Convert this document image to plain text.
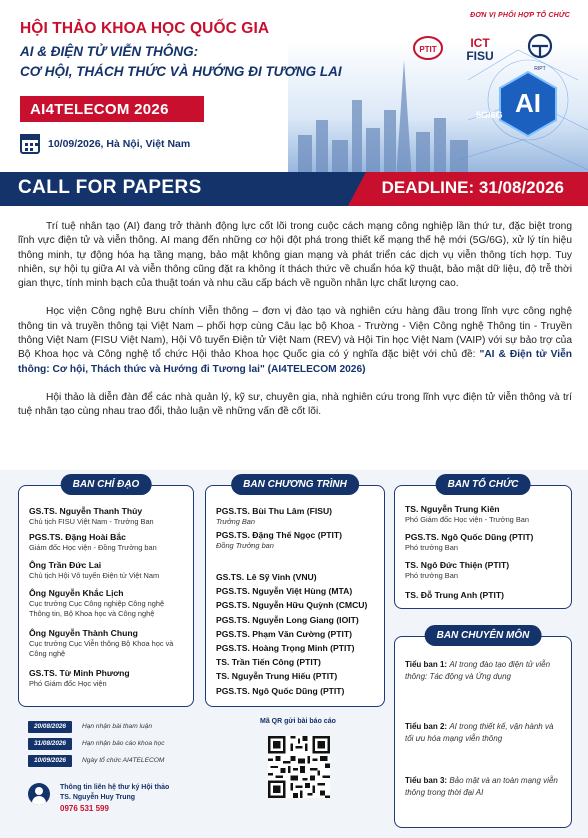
AI
5G/6G
HỘI THẢO KHOA HỌC QUỐC GIA
AI & ĐIỆN TỬ VIỄN THÔNG:
CƠ HỘI, THÁCH THỨC VÀ HƯỚNG ĐI TƯƠNG LAI
AI4TELECOM 2026
10/09/2026, Hà Nội, Việt Nam
ĐƠN VỊ PHỐI HỢP TỔ CHỨC
PTIT	ICT
FISU
RIPT
CALL FOR PAPERS	DEADLINE: 31/08/2026

Trí tuệ nhân tạo (AI) đang trở thành động lực cốt lõi trong cuộc cách mạng công nghiệp lần thứ tư, đặc biệt trong lĩnh vực điện tử và viễn thông. AI mang đến những cơ hội đột phá trong thiết kế mạng thế hệ mới (5G/6G), xử lý tín hiệu thông minh, tự động hóa hạ tầng mạng, bảo mật không gian mạng và phát triển các dịch vụ viễn thông tích hợp. Tuy nhiên, sự hội tụ giữa AI và viễn thông cũng đặt ra không ít thách thức về chuẩn hóa kỹ thuật, bảo mật dữ liệu, độ trễ thời gian thực, tính minh bạch của thuật toán và nhu cầu cấp bách về nguồn nhân lực chất lượng cao.

Học viện Công nghệ Bưu chính Viễn thông – đơn vị đào tạo và nghiên cứu hàng đầu trong lĩnh vực công nghệ thông tin và truyền thông tại Việt Nam – phối hợp cùng Câu lạc bộ Khoa - Trường - Viện Công nghệ Thông tin - Truyền thông Việt Nam (FISU Việt Nam), Hội Vô tuyến Điện tử Việt Nam (REV) và Hội Tin học Việt Nam (VAIP) với sự bảo trợ của Bộ Khoa học và Công nghệ tổ chức Hội thảo Khoa học Quốc gia có ý nghĩa đặc biệt với chủ đề: "AI & Điện tử Viễn thông: Cơ hội, Thách thức và Hướng đi Tương lai" (AI4TELECOM 2026)

Hội thảo là diễn đàn để các nhà quản lý, kỹ sư, chuyên gia, nhà nghiên cứu trong lĩnh vực điện tử viễn thông và trí tuệ nhân tạo cùng nhau trao đổi, thảo luận về những vấn đề cốt lõi.

BAN CHỈ ĐẠO
GS.TS. Nguyễn Thanh Thủy
Chủ tịch FISU Việt Nam - Trưởng Ban
PGS.TS. Đặng Hoài Bắc
Giám đốc Học viện - Đồng Trưởng ban
Ông Trần Đức Lai
Chủ tịch Hội Vô tuyến Điện tử Việt Nam
Ông Nguyễn Khắc Lịch
Cục trưởng Cục Công nghiệp Công nghệ Thông tin, Bộ Khoa học và Công nghệ
Ông Nguyễn Thành Chung
Cục trưởng Cục Viễn thông Bộ Khoa học và Công nghệ
GS.TS. Từ Minh Phương
Phó Giám đốc Học viện
BAN CHƯƠNG TRÌNH
PGS.TS. Bùi Thu Lâm (FISU)
Trưởng Ban
PGS.TS. Đặng Thế Ngọc (PTIT)
Đồng Trưởng ban
GS.TS. Lê Sỹ Vinh (VNU)
PGS.TS. Nguyễn Việt Hùng (MTA)
PGS.TS. Nguyễn Hữu Quỳnh (CMCU)
PGS.TS. Nguyễn Long Giang (IOIT)
PGS.TS. Phạm Văn Cường (PTIT)
PGS.TS. Hoàng Trọng Minh (PTIT)
TS. Trần Tiến Công (PTIT)
TS. Nguyễn Trung Hiếu (PTIT)
PGS.TS. Ngô Quốc Dũng (PTIT)
BAN TỔ CHỨC
TS. Nguyễn Trung Kiên
Phó Giám đốc Học viện - Trưởng Ban
PGS.TS. Ngô Quốc Dũng (PTIT)
Phó trưởng Ban
TS. Ngô Đức Thiện (PTIT)
Phó trưởng Ban
TS. Đỗ Trung Anh (PTIT)
BAN CHUYÊN MÔN
Tiểu ban 1: AI trong đào tạo điện tử viễn thông: Tác động và Ứng dụng
Tiểu ban 2: AI trong thiết kế, vận hành và tối ưu hóa mạng viễn thông
Tiểu ban 3: Bảo mật và an toàn mạng viễn thông trong thời đại AI
20/08/2026	Hạn nhận bài tham luận
31/08/2026	Hạn nhận báo cáo khoa học
10/09/2026	Ngày tổ chức AI4TELECOM
Thông tin liên hệ thư ký Hội thảo
TS. Nguyễn Huy Trung
0976 531 599
Mã QR gửi bài báo cáo
